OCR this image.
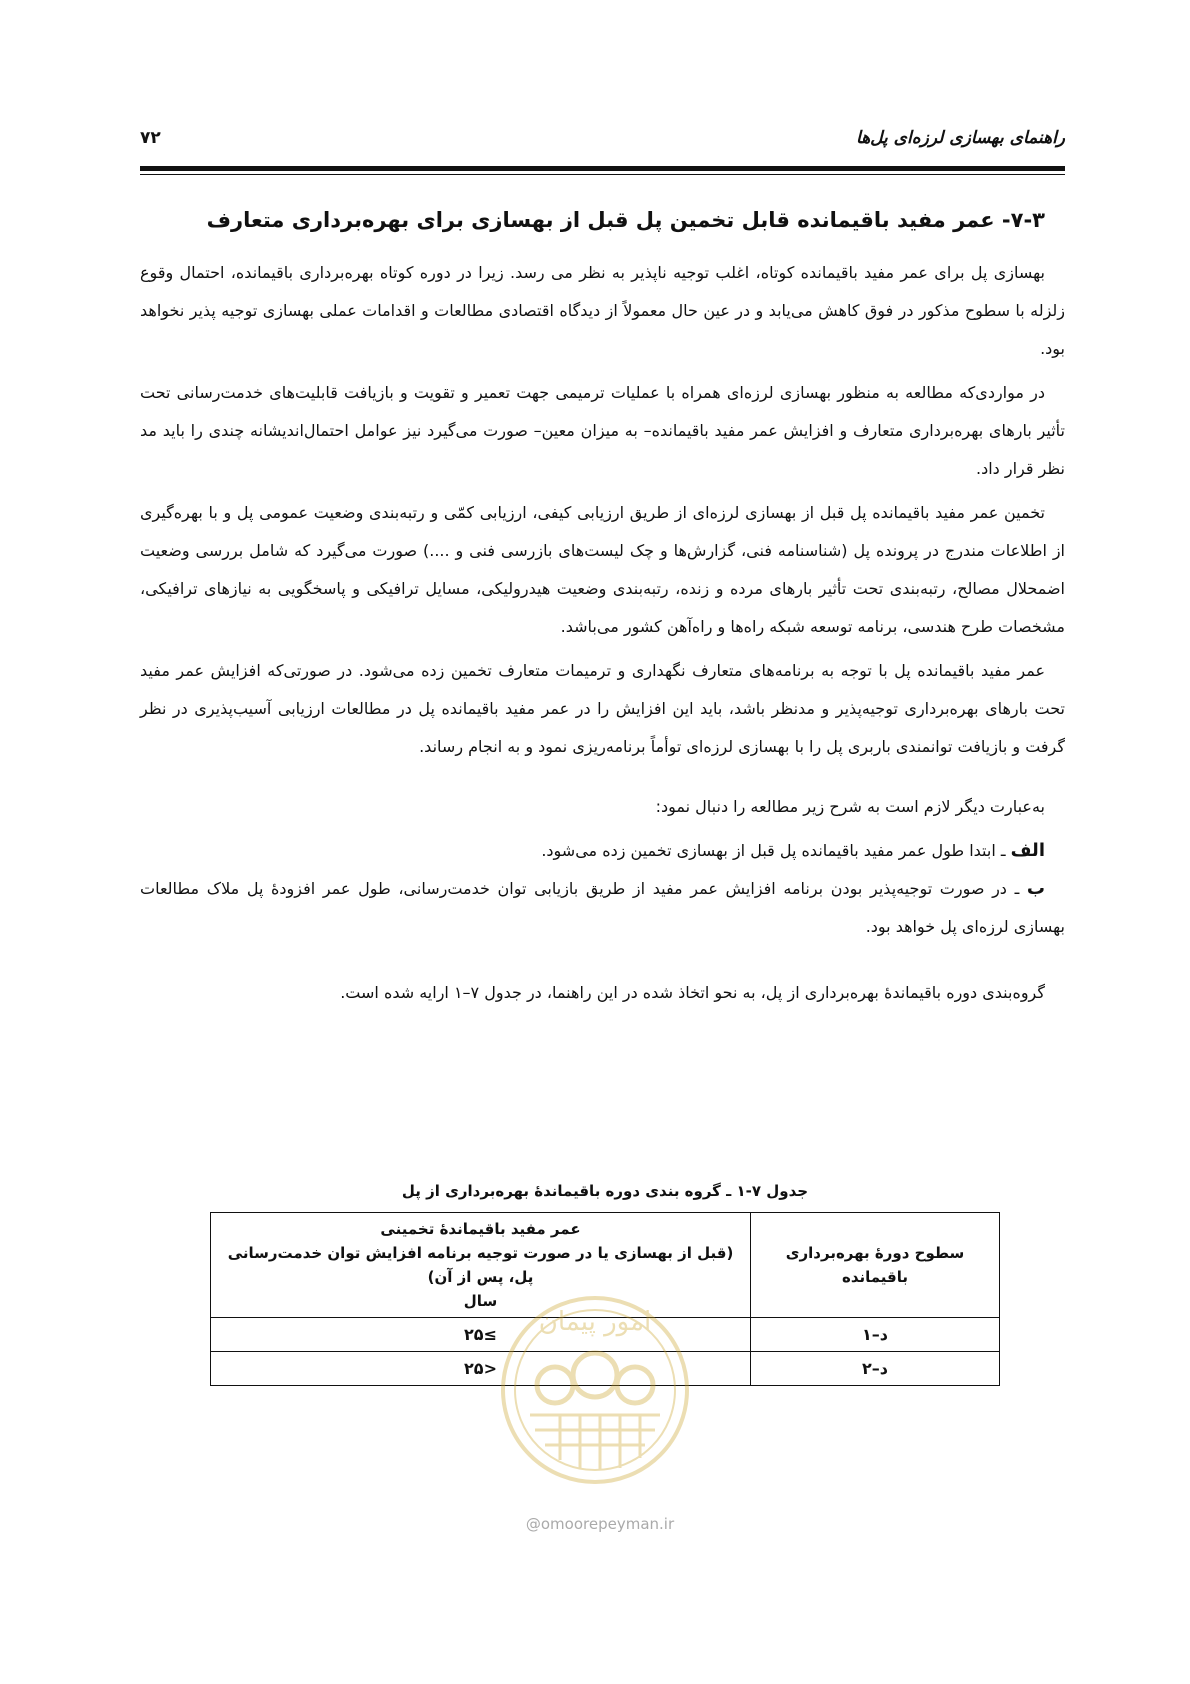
راهنمای بهسازی لرزه‌ای پل‌ها
۷۲
۷-۳- عمر مفید باقیمانده قابل تخمین پل قبل از بهسازی برای بهره‌برداری متعارف

بهسازی پل برای عمر مفید باقیمانده کوتاه، اغلب توجیه ناپذیر به نظر می رسد. زیرا در دوره کوتاه بهره‌برداری باقیمانده، احتمال وقوع زلزله با سطوح مذکور در فوق کاهش می‌یابد و در عین حال معمولاً از دیدگاه اقتصادی مطالعات و اقدامات عملی بهسازی توجیه پذیر نخواهد بود.

در مواردی‌که مطالعه به منظور بهسازی لرزه‌ای همراه با عملیات ترمیمی جهت تعمیر و تقویت و بازیافت قابلیت‌های خدمت‌رسانی تحت تأثیر بارهای بهره‌برداری متعارف و افزایش عمر مفید باقیمانده– به میزان معین– صورت می‌گیرد نیز عوامل احتمال‌اندیشانه چندی را باید مد نظر قرار داد.

تخمین عمر مفید باقیمانده پل قبل از بهسازی لرزه‌ای از طریق ارزیابی کیفی، ارزیابی کمّی و رتبه‌بندی وضعیت عمومی پل و با بهره‌گیری از اطلاعات مندرج در پرونده پل (شناسنامه فنی، گزارش‌ها و چک لیست‌های بازرسی فنی و ....) صورت می‌گیرد که شامل بررسی وضعیت اضمحلال مصالح، رتبه‌بندی تحت تأثیر بارهای مرده و زنده، رتبه‌بندی وضعیت هیدرولیکی، مسایل ترافیکی و پاسخگویی به نیازهای ترافیکی، مشخصات طرح هندسی، برنامه توسعه شبکه راه‌ها و راه‌آهن کشور می‌باشد.

عمر مفید باقیمانده پل با توجه به برنامه‌های متعارف نگهداری و ترمیمات متعارف تخمین زده می‌شود. در صورتی‌که افزایش عمر مفید تحت بارهای بهره‌برداری توجیه‌پذیر و مدنظر باشد، باید این افزایش را در عمر مفید باقیمانده پل در مطالعات ارزیابی آسیب‌پذیری در نظر گرفت و بازیافت توانمندی باربری پل را با بهسازی لرزه‌ای توأماً برنامه‌ریزی نمود و به انجام رساند.

به‌عبارت دیگر لازم است به شرح زیر مطالعه را دنبال نمود:

الف ـ ابتدا طول عمر مفید باقیمانده پل قبل از بهسازی تخمین زده می‌شود.

ب ـ در صورت توجیه‌پذیر بودن برنامه افزایش عمر مفید از طریق بازیابی توان خدمت‌رسانی، طول عمر افزودهٔ پل ملاک مطالعات بهسازی لرزه‌ای پل خواهد بود.

گروه‌بندی دوره باقیماندهٔ بهره‌برداری از پل، به نحو اتخاذ شده در این راهنما، در جدول ۷–۱ ارایه شده است.

جدول ۷-۱ ـ گروه بندی دوره باقیماندهٔ بهره‌برداری از پل
سطوح دورهٔ بهره‌برداری باقیمانده	عمر مفید باقیماندهٔ تخمینی
(قبل از بهسازی یا در صورت توجیه برنامه افزایش توان خدمت‌رسانی پل، پس از آن)
سال

د–۱	≥۲۵
د–۲	<۲۵
امور پیمان
@omoorepeyman.ir
